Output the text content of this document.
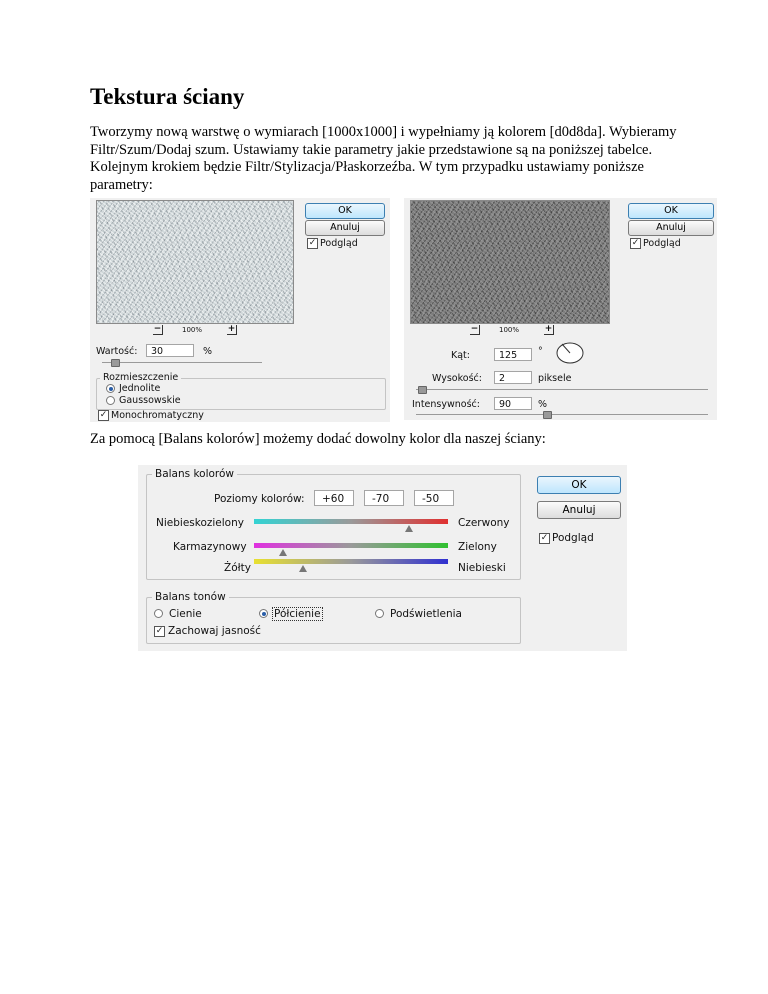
Tekstura ściany

Tworzymy nową warstwę o wymiarach [1000x1000] i wypełniamy ją kolorem [d0d8da]. Wybieramy Filtr/Szum/Dodaj szum. Ustawiamy takie parametry jakie przedstawione są na poniższej tabelce. Kolejnym krokiem będzie Filtr/Stylizacja/Płaskorzeźba. W tym przypadku ustawiamy poniższe parametry:

OK
Anuluj
✓ Podgląd
−	100%	+
Wartość:	30	%
Rozmieszczenie
Jednolite
Gaussowskie
✓ Monochromatyczny
OK
Anuluj
✓ Podgląd
−	100%	+
Kąt:	125	°
Wysokość:	2	piksele
Intensywność:	90	%

Za pomocą [Balans kolorów] możemy dodać dowolny kolor dla naszej ściany:

Balans kolorów
Poziomy kolorów:	+60	-70	-50
Niebieskozielony	Czerwony
Karmazynowy	Zielony
Żółty	Niebieski
OK
Anuluj
✓ Podgląd
Balans tonów
Cienie	Półcienie	Podświetlenia
✓ Zachowaj jasność
